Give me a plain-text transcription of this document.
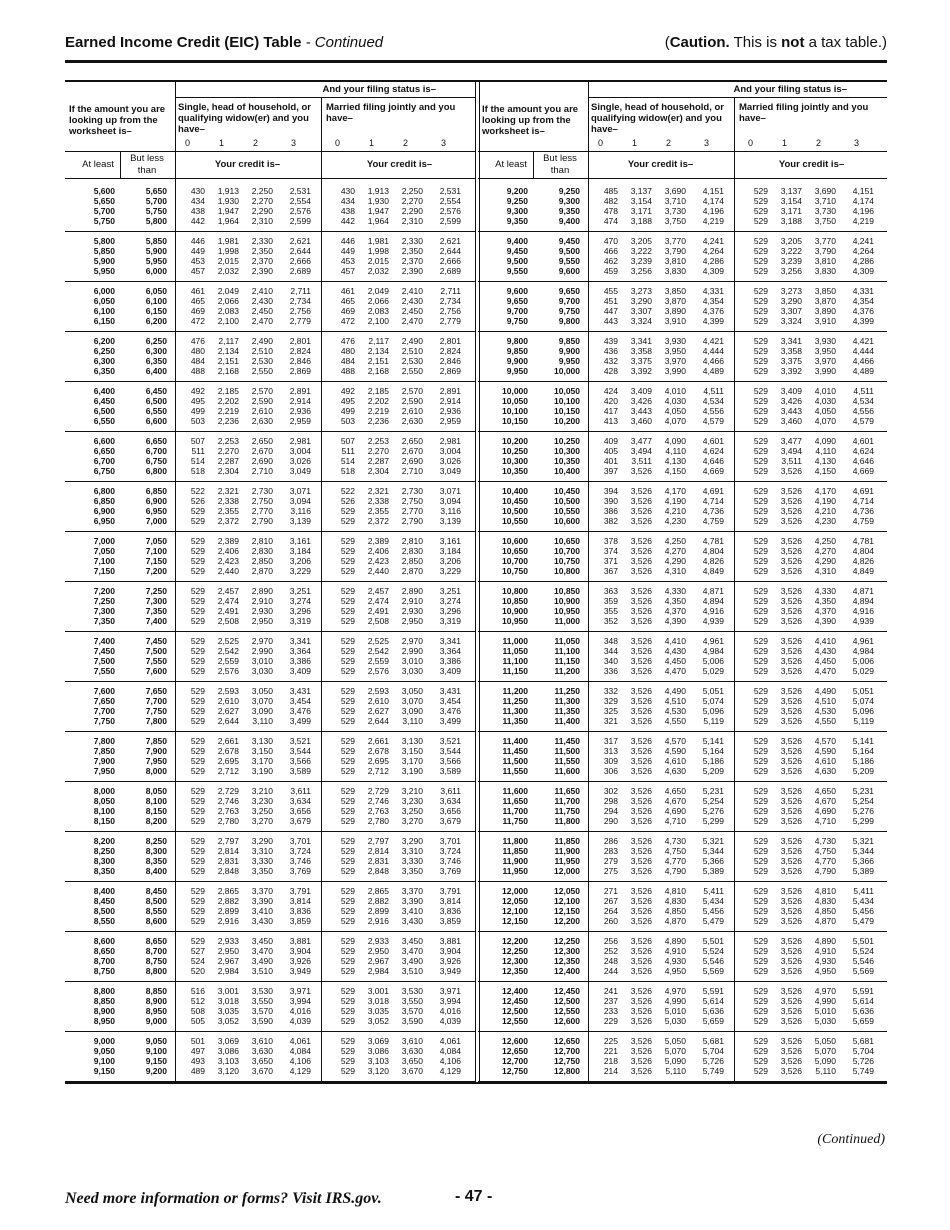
Earned Income Credit (EIC) Table - Continued	(Caution. This is not a tax table.)
And your filing status is–
If the amount you are looking up from the worksheet is–
Single, head of household, or qualifying widow(er) and you have–
Married filing jointly and you have–
0	1	2	3	0	1	2	3
At least
But less than
Your credit is–	Your credit is–
5,600	5,650	430 1,913 2,250 2,531	430 1,913 2,250 2,531
5,650	5,700	434 1,930 2,270 2,554	434 1,930 2,270 2,554
5,700	5,750	438 1,947 2,290 2,576	438 1,947 2,290 2,576
5,750	5,800	442 1,964 2,310 2,599	442 1,964 2,310 2,599
5,800	5,850	446 1,981 2,330 2,621	446 1,981 2,330 2,621
5,850	5,900	449 1,998 2,350 2,644	449 1,998 2,350 2,644
5,900	5,950	453 2,015 2,370 2,666	453 2,015 2,370 2,666
5,950	6,000	457 2,032 2,390 2,689	457 2,032 2,390 2,689
6,000	6,050	461 2,049 2,410 2,711	461 2,049 2,410 2,711
6,050	6,100	465 2,066 2,430 2,734	465 2,066 2,430 2,734
6,100	6,150	469 2,083 2,450 2,756	469 2,083 2,450 2,756
6,150	6,200	472 2,100 2,470 2,779	472 2,100 2,470 2,779
6,200	6,250	476 2,117 2,490 2,801	476 2,117 2,490 2,801
6,250	6,300	480 2,134 2,510 2,824	480 2,134 2,510 2,824
6,300	6,350	484 2,151 2,530 2,846	484 2,151 2,530 2,846
6,350	6,400	488 2,168 2,550 2,869	488 2,168 2,550 2,869
6,400	6,450	492 2,185 2,570 2,891	492 2,185 2,570 2,891
6,450	6,500	495 2,202 2,590 2,914	495 2,202 2,590 2,914
6,500	6,550	499 2,219 2,610 2,936	499 2,219 2,610 2,936
6,550	6,600	503 2,236 2,630 2,959	503 2,236 2,630 2,959
6,600	6,650	507 2,253 2,650 2,981	507 2,253 2,650 2,981
6,650	6,700	511 2,270 2,670 3,004	511 2,270 2,670 3,004
6,700	6,750	514 2,287 2,690 3,026	514 2,287 2,690 3,026
6,750	6,800	518 2,304 2,710 3,049	518 2,304 2,710 3,049
6,800	6,850	522 2,321 2,730 3,071	522 2,321 2,730 3,071
6,850	6,900	526 2,338 2,750 3,094	526 2,338 2,750 3,094
6,900	6,950	529 2,355 2,770 3,116	529 2,355 2,770 3,116
6,950	7,000	529 2,372 2,790 3,139	529 2,372 2,790 3,139
7,000	7,050	529 2,389 2,810 3,161	529 2,389 2,810 3,161
7,050	7,100	529 2,406 2,830 3,184	529 2,406 2,830 3,184
7,100	7,150	529 2,423 2,850 3,206	529 2,423 2,850 3,206
7,150	7,200	529 2,440 2,870 3,229	529 2,440 2,870 3,229
7,200	7,250	529 2,457 2,890 3,251	529 2,457 2,890 3,251
7,250	7,300	529 2,474 2,910 3,274	529 2,474 2,910 3,274
7,300	7,350	529 2,491 2,930 3,296	529 2,491 2,930 3,296
7,350	7,400	529 2,508 2,950 3,319	529 2,508 2,950 3,319
7,400	7,450	529 2,525 2,970 3,341	529 2,525 2,970 3,341
7,450	7,500	529 2,542 2,990 3,364	529 2,542 2,990 3,364
7,500	7,550	529 2,559 3,010 3,386	529 2,559 3,010 3,386
7,550	7,600	529 2,576 3,030 3,409	529 2,576 3,030 3,409
7,600	7,650	529 2,593 3,050 3,431	529 2,593 3,050 3,431
7,650	7,700	529 2,610 3,070 3,454	529 2,610 3,070 3,454
7,700	7,750	529 2,627 3,090 3,476	529 2,627 3,090 3,476
7,750	7,800	529 2,644 3,110 3,499	529 2,644 3,110 3,499
7,800	7,850	529 2,661 3,130 3,521	529 2,661 3,130 3,521
7,850	7,900	529 2,678 3,150 3,544	529 2,678 3,150 3,544
7,900	7,950	529 2,695 3,170 3,566	529 2,695 3,170 3,566
7,950	8,000	529 2,712 3,190 3,589	529 2,712 3,190 3,589
8,000	8,050	529 2,729 3,210 3,611	529 2,729 3,210 3,611
8,050	8,100	529 2,746 3,230 3,634	529 2,746 3,230 3,634
8,100	8,150	529 2,763 3,250 3,656	529 2,763 3,250 3,656
8,150	8,200	529 2,780 3,270 3,679	529 2,780 3,270 3,679
8,200	8,250	529 2,797 3,290 3,701	529 2,797 3,290 3,701
8,250	8,300	529 2,814 3,310 3,724	529 2,814 3,310 3,724
8,300	8,350	529 2,831 3,330 3,746	529 2,831 3,330 3,746
8,350	8,400	529 2,848 3,350 3,769	529 2,848 3,350 3,769
8,400	8,450	529 2,865 3,370 3,791	529 2,865 3,370 3,791
8,450	8,500	529 2,882 3,390 3,814	529 2,882 3,390 3,814
8,500	8,550	529 2,899 3,410 3,836	529 2,899 3,410 3,836
8,550	8,600	529 2,916 3,430 3,859	529 2,916 3,430 3,859
8,600	8,650	529 2,933 3,450 3,881	529 2,933 3,450 3,881
8,650	8,700	527 2,950 3,470 3,904	529 2,950 3,470 3,904
8,700	8,750	524 2,967 3,490 3,926	529 2,967 3,490 3,926
8,750	8,800	520 2,984 3,510 3,949	529 2,984 3,510 3,949
8,800	8,850	516 3,001 3,530 3,971	529 3,001 3,530 3,971
8,850	8,900	512 3,018 3,550 3,994	529 3,018 3,550 3,994
8,900	8,950	508 3,035 3,570 4,016	529 3,035 3,570 4,016
8,950	9,000	505 3,052 3,590 4,039	529 3,052 3,590 4,039
9,000	9,050	501 3,069 3,610 4,061	529 3,069 3,610 4,061
9,050	9,100	497 3,086 3,630 4,084	529 3,086 3,630 4,084
9,100	9,150	493 3,103 3,650 4,106	529 3,103 3,650 4,106
9,150	9,200	489 3,120 3,670 4,129	529 3,120 3,670 4,129
And your filing status is–
If the amount you are looking up from the worksheet is–
Single, head of household, or qualifying widow(er) and you have–
Married filing jointly and you have–
0	1	2	3	0	1	2	3
At least
But less than
Your credit is–	Your credit is–
9,200	9,250	485 3,137 3,690 4,151	529 3,137 3,690 4,151
9,250	9,300	482 3,154 3,710 4,174	529 3,154 3,710 4,174
9,300	9,350	478 3,171 3,730 4,196	529 3,171 3,730 4,196
9,350	9,400	474 3,188 3,750 4,219	529 3,188 3,750 4,219
9,400	9,450	470 3,205 3,770 4,241	529 3,205 3,770 4,241
9,450	9,500	466 3,222 3,790 4,264	529 3,222 3,790 4,264
9,500	9,550	462 3,239 3,810 4,286	529 3,239 3,810 4,286
9,550	9,600	459 3,256 3,830 4,309	529 3,256 3,830 4,309
9,600	9,650	455 3,273 3,850 4,331	529 3,273 3,850 4,331
9,650	9,700	451 3,290 3,870 4,354	529 3,290 3,870 4,354
9,700	9,750	447 3,307 3,890 4,376	529 3,307 3,890 4,376
9,750	9,800	443 3,324 3,910 4,399	529 3,324 3,910 4,399
9,800	9,850	439 3,341 3,930 4,421	529 3,341 3,930 4,421
9,850	9,900	436 3,358 3,950 4,444	529 3,358 3,950 4,444
9,900	9,950	432 3,375 3,970 4,466	529 3,375 3,970 4,466
9,950	10,000	428 3,392 3,990 4,489	529 3,392 3,990 4,489
10,000	10,050	424 3,409 4,010 4,511	529 3,409 4,010 4,511
10,050	10,100	420 3,426 4,030 4,534	529 3,426 4,030 4,534
10,100	10,150	417 3,443 4,050 4,556	529 3,443 4,050 4,556
10,150	10,200	413 3,460 4,070 4,579	529 3,460 4,070 4,579
10,200	10,250	409 3,477 4,090 4,601	529 3,477 4,090 4,601
10,250	10,300	405 3,494 4,110 4,624	529 3,494 4,110 4,624
10,300	10,350	401 3,511 4,130 4,646	529 3,511 4,130 4,646
10,350	10,400	397 3,526 4,150 4,669	529 3,526 4,150 4,669
10,400	10,450	394 3,526 4,170 4,691	529 3,526 4,170 4,691
10,450	10,500	390 3,526 4,190 4,714	529 3,526 4,190 4,714
10,500	10,550	386 3,526 4,210 4,736	529 3,526 4,210 4,736
10,550	10,600	382 3,526 4,230 4,759	529 3,526 4,230 4,759
10,600	10,650	378 3,526 4,250 4,781	529 3,526 4,250 4,781
10,650	10,700	374 3,526 4,270 4,804	529 3,526 4,270 4,804
10,700	10,750	371 3,526 4,290 4,826	529 3,526 4,290 4,826
10,750	10,800	367 3,526 4,310 4,849	529 3,526 4,310 4,849
10,800	10,850	363 3,526 4,330 4,871	529 3,526 4,330 4,871
10,850	10,900	359 3,526 4,350 4,894	529 3,526 4,350 4,894
10,900	10,950	355 3,526 4,370 4,916	529 3,526 4,370 4,916
10,950	11,000	352 3,526 4,390 4,939	529 3,526 4,390 4,939
11,000	11,050	348 3,526 4,410 4,961	529 3,526 4,410 4,961
11,050	11,100	344 3,526 4,430 4,984	529 3,526 4,430 4,984
11,100	11,150	340 3,526 4,450 5,006	529 3,526 4,450 5,006
11,150	11,200	336 3,526 4,470 5,029	529 3,526 4,470 5,029
11,200	11,250	332 3,526 4,490 5,051	529 3,526 4,490 5,051
11,250	11,300	329 3,526 4,510 5,074	529 3,526 4,510 5,074
11,300	11,350	325 3,526 4,530 5,096	529 3,526 4,530 5,096
11,350	11,400	321 3,526 4,550 5,119	529 3,526 4,550 5,119
11,400	11,450	317 3,526 4,570 5,141	529 3,526 4,570 5,141
11,450	11,500	313 3,526 4,590 5,164	529 3,526 4,590 5,164
11,500	11,550	309 3,526 4,610 5,186	529 3,526 4,610 5,186
11,550	11,600	306 3,526 4,630 5,209	529 3,526 4,630 5,209
11,600	11,650	302 3,526 4,650 5,231	529 3,526 4,650 5,231
11,650	11,700	298 3,526 4,670 5,254	529 3,526 4,670 5,254
11,700	11,750	294 3,526 4,690 5,276	529 3,526 4,690 5,276
11,750	11,800	290 3,526 4,710 5,299	529 3,526 4,710 5,299
11,800	11,850	286 3,526 4,730 5,321	529 3,526 4,730 5,321
11,850	11,900	283 3,526 4,750 5,344	529 3,526 4,750 5,344
11,900	11,950	279 3,526 4,770 5,366	529 3,526 4,770 5,366
11,950	12,000	275 3,526 4,790 5,389	529 3,526 4,790 5,389
12,000	12,050	271 3,526 4,810 5,411	529 3,526 4,810 5,411
12,050	12,100	267 3,526 4,830 5,434	529 3,526 4,830 5,434
12,100	12,150	264 3,526 4,850 5,456	529 3,526 4,850 5,456
12,150	12,200	260 3,526 4,870 5,479	529 3,526 4,870 5,479
12,200	12,250	256 3,526 4,890 5,501	529 3,526 4,890 5,501
12,250	12,300	252 3,526 4,910 5,524	529 3,526 4,910 5,524
12,300	12,350	248 3,526 4,930 5,546	529 3,526 4,930 5,546
12,350	12,400	244 3,526 4,950 5,569	529 3,526 4,950 5,569
12,400	12,450	241 3,526 4,970 5,591	529 3,526 4,970 5,591
12,450	12,500	237 3,526 4,990 5,614	529 3,526 4,990 5,614
12,500	12,550	233 3,526 5,010 5,636	529 3,526 5,010 5,636
12,550	12,600	229 3,526 5,030 5,659	529 3,526 5,030 5,659
12,600	12,650	225 3,526 5,050 5,681	529 3,526 5,050 5,681
12,650	12,700	221 3,526 5,070 5,704	529 3,526 5,070 5,704
12,700	12,750	218 3,526 5,090 5,726	529 3,526 5,090 5,726
12,750	12,800	214 3,526 5,110 5,749	529 3,526 5,110 5,749
(Continued)
Need more information or forms? Visit IRS.gov.	- 47 -
